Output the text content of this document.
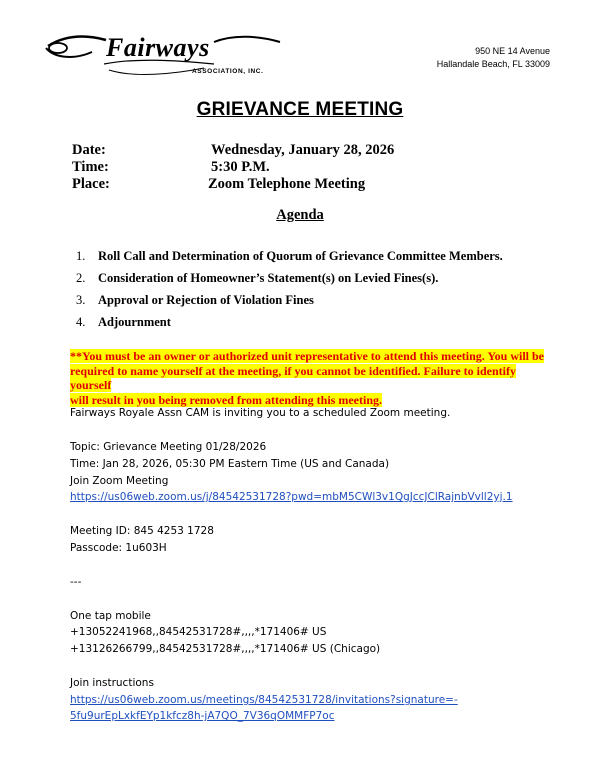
Fairways
ASSOCIATION, INC.
950 NE 14 Avenue
Hallandale Beach, FL 33009
GRIEVANCE MEETING
Date:	Wednesday, January 28, 2026
Time:	5:30 P.M.
Place:	Zoom Telephone Meeting
Agenda
1. Roll Call and Determination of Quorum of Grievance Committee Members.
2. Consideration of Homeowner’s Statement(s) on Levied Fines(s).
3. Approval or Rejection of Violation Fines
4. Adjournment
**You must be an owner or authorized unit representative to attend this meeting. You will be
required to name yourself at the meeting, if you cannot be identified. Failure to identify yourself
will result in you being removed from attending this meeting.
Fairways Royale Assn CAM is inviting you to a scheduled Zoom meeting.
Topic: Grievance Meeting 01/28/2026
Time: Jan 28, 2026, 05:30 PM Eastern Time (US and Canada)
Join Zoom Meeting
https://us06web.zoom.us/j/84542531728?pwd=mbM5CWl3v1QgJccJClRajnbVvll2yj.1
Meeting ID: 845 4253 1728
Passcode: 1u603H
---
One tap mobile
+13052241968,,84542531728#,,,,*171406# US
+13126266799,,84542531728#,,,,*171406# US (Chicago)
Join instructions
https://us06web.zoom.us/meetings/84542531728/invitations?signature=-
5fu9urEpLxkfEYp1kfcz8h-jA7QO_7V36qOMMFP7oc
